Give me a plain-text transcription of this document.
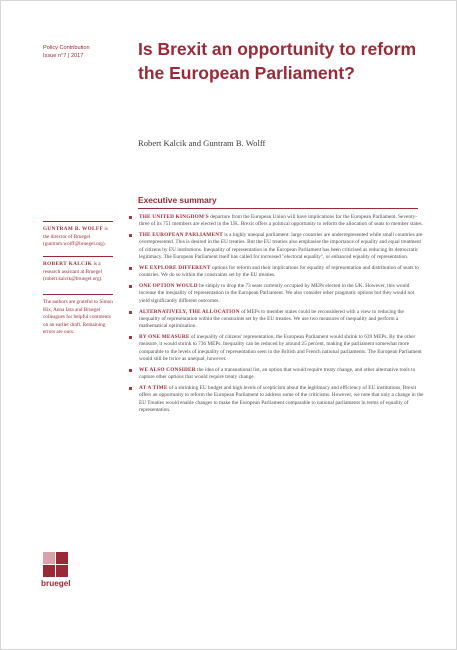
Policy Contribution
Issue n°7 | 2017	Is Brexit an opportunity to reform the European Parliament?
Robert Kalcik and Guntram B. Wolff
GUNTRAM B. WOLFF is the director of Bruegel (guntram.wolff@bruegel.org).
ROBERT KALCIK is a research assistant at Bruegel (robert.kalcik@bruegel.org).
The authors are grateful to Simon Hix, Anna Iara and Bruegel colleagues for helpful comments on an earlier draft. Remaining errors are ours.
Executive summary
THE UNITED KINGDOM'S departure from the European Union will have implications for the European Parliament. Seventy-three of its 751 members are elected in the UK. Brexit offers a political opportunity to reform the allocation of seats to member states.
THE EUROPEAN PARLIAMENT is a highly unequal parliament: large countries are underrepresented while small countries are overrepresented. This is desired in the EU treaties. But the EU treaties also emphasise the importance of equality and equal treatment of citizens by EU institutions. Inequality of representation in the European Parliament has been criticised as reducing its democratic legitimacy. The European Parliament itself has called for increased "electoral equality", or enhanced equality of representation.
WE EXPLORE DIFFERENT options for reform and their implications for equality of representation and distribution of seats to countries. We do so within the constraints set by the EU treaties.
ONE OPTION WOULD be simply to drop the 73 seats currently occupied by MEPs elected in the UK. However, this would increase the inequality of representation in the European Parliament. We also consider other pragmatic options but they would not yield significantly different outcomes.
ALTERNATIVELY, THE ALLOCATION of MEPs to member states could be reconsidered with a view to reducing the inequality of representation within the constraints set by the EU treaties. We use two measures of inequality and perform a mathematical optimisation.
BY ONE MEASURE of inequality of citizens' representation, the European Parliament would shrink to 639 MEPs. By the other measure, it would shrink to 736 MEPs. Inequality can be reduced by around 25 percent, making the parliament somewhat more comparable to the levels of inequality of representation seen in the British and French national parliaments. The European Parliament would still be twice as unequal, however.
WE ALSO CONSIDER the idea of a transnational list, an option that would require treaty change, and other alternative tools to capture other options that would require treaty change.
AT A TIME of a shrinking EU budget and high levels of scepticism about the legitimacy and efficiency of EU institutions, Brexit offers an opportunity to reform the European Parliament to address some of the criticisms. However, we note that only a change in the EU Treaties would enable changes to make the European Parliament comparable to national parliaments in terms of equality of representation.
bruegel
